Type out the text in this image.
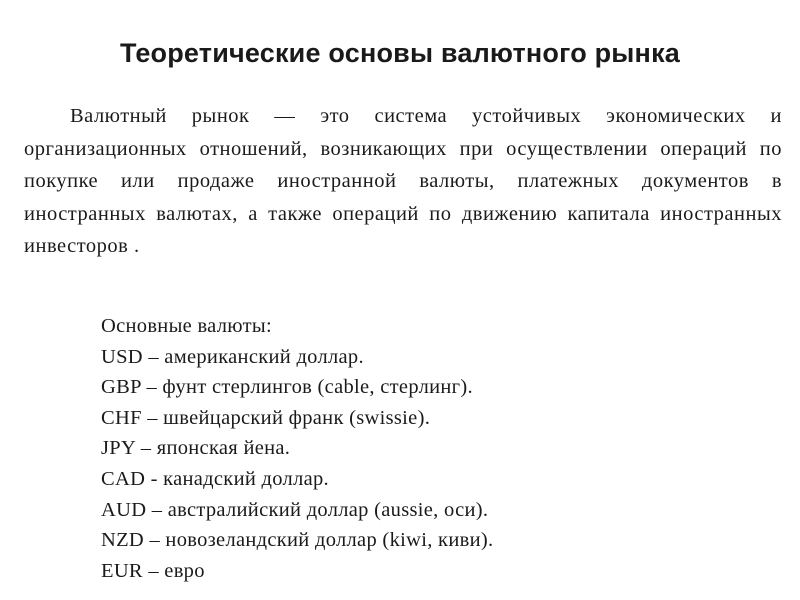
Теоретические основы валютного рынка

Валютный рынок — это система устойчивых экономических и организационных отношений, возникающих при осуществлении операций по покупке или продаже иностранной валюты, платежных документов в иностранных валютах, а также операций по движению капитала иностранных инвесторов .

Основные валюты:
USD – американский доллар.
GBP – фунт стерлингов (cable, стерлинг).
CHF – швейцарский франк (swissie).
JPY – японская йена.
CAD - канадский доллар.
AUD – австралийский доллар (aussie, оси).
NZD – новозеландский доллар (kiwi, киви).
EUR – евро
